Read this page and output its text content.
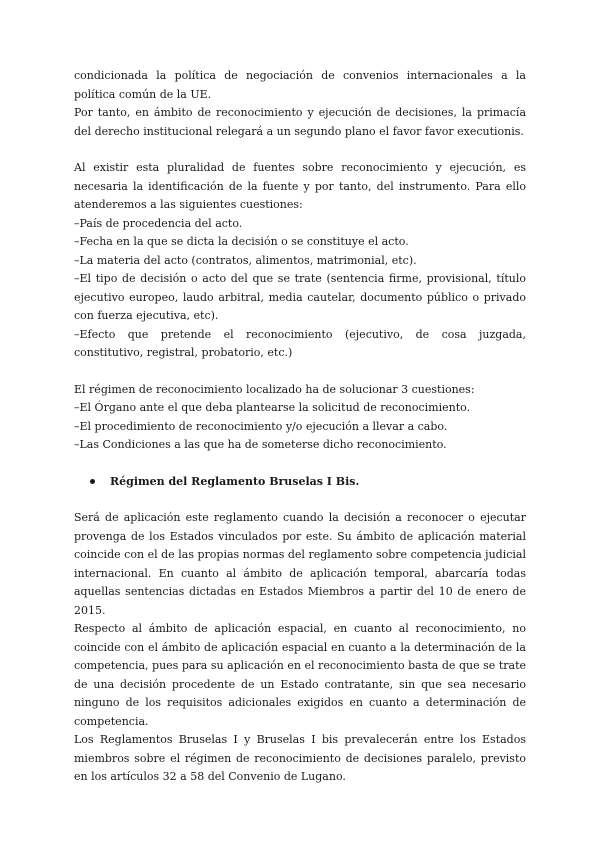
condicionada la política de negociación de convenios internacionales a la política común de la UE.

Por tanto, en ámbito de reconocimiento y ejecución de decisiones, la primacía del derecho institucional relegará a un segundo plano el favor favor executionis.

Al existir esta pluralidad de fuentes sobre reconocimiento y ejecución, es necesaria la identificación de la fuente y por tanto, del instrumento. Para ello atenderemos a las siguientes cuestiones:

–País de procedencia del acto.

–Fecha en la que se dicta la decisión o se constituye el acto.

–La materia del acto (contratos, alimentos, matrimonial, etc).

–El tipo de decisión o acto del que se trate (sentencia firme, provisional, título ejecutivo europeo, laudo arbitral, media cautelar, documento público o privado con fuerza ejecutiva, etc).

–Efecto que pretende el reconocimiento (ejecutivo, de cosa juzgada, constitutivo, registral, probatorio, etc.)

El régimen de reconocimiento localizado ha de solucionar 3 cuestiones:

–El Órgano ante el que deba plantearse la solicitud de reconocimiento.

–El procedimiento de reconocimiento y/o ejecución a llevar a cabo.

–Las Condiciones a las que ha de someterse dicho reconocimiento.

Régimen del Reglamento Bruselas I Bis.

Será de aplicación este reglamento cuando la decisión a reconocer o ejecutar provenga de los Estados vinculados por este. Su ámbito de aplicación material coincide con el de las propias normas del reglamento sobre competencia judicial internacional. En cuanto al ámbito de aplicación temporal, abarcaría todas aquellas sentencias dictadas en Estados Miembros a partir del 10 de enero de 2015.

Respecto al ámbito de aplicación espacial, en cuanto al reconocimiento, no coincide con el ámbito de aplicación espacial en cuanto a la determinación de la competencia, pues para su aplicación en el reconocimiento basta de que se trate de una decisión procedente de un Estado contratante, sin que sea necesario ninguno de los requisitos adicionales exigidos en cuanto a determinación de competencia.

Los Reglamentos Bruselas I y Bruselas I bis prevalecerán entre los Estados miembros sobre el régimen de reconocimiento de decisiones paralelo, previsto en los artículos 32 a 58 del Convenio de Lugano.
